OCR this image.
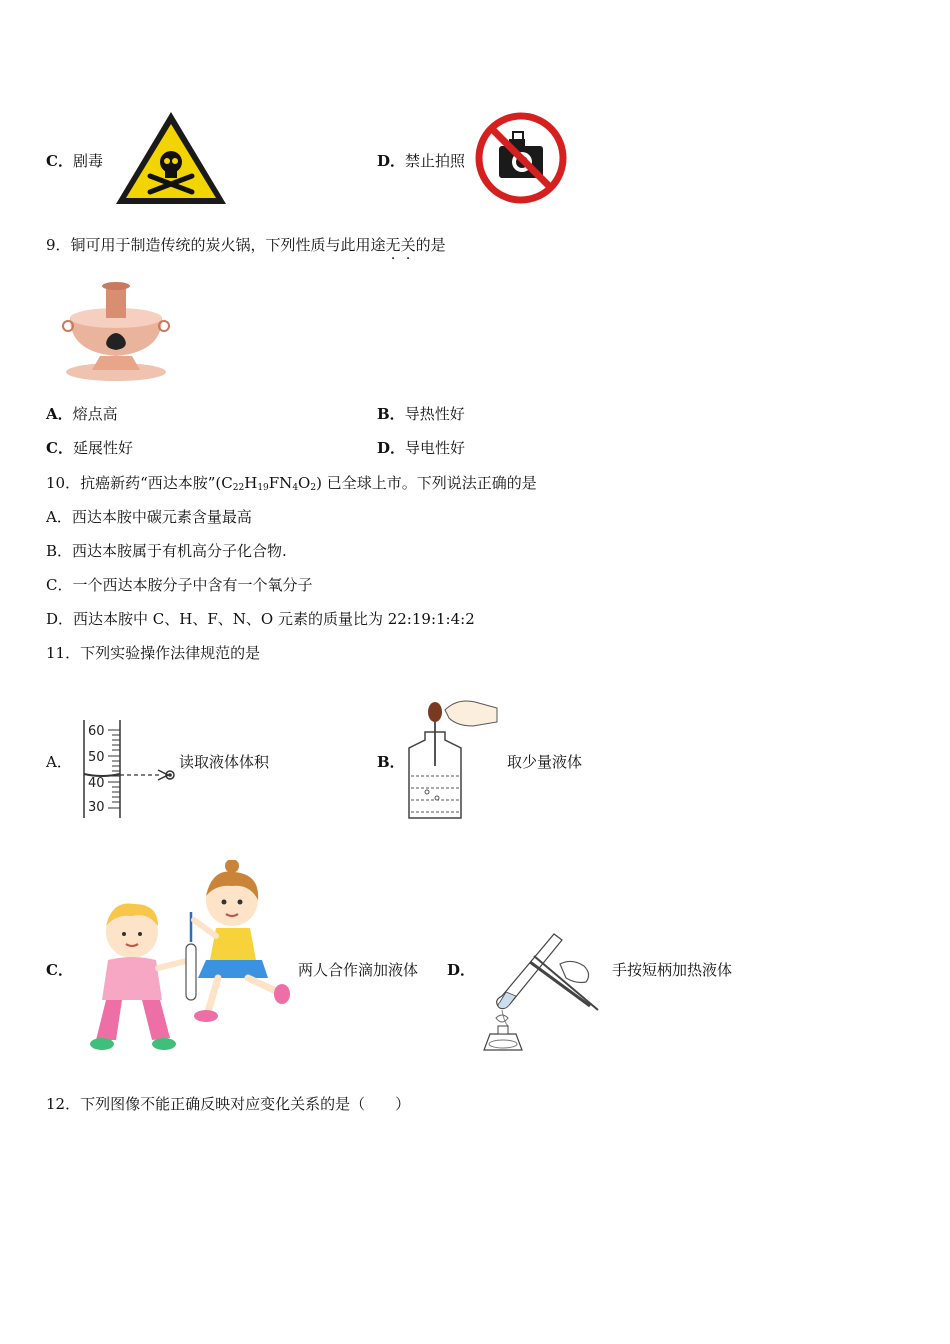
C．剧毒	D．禁止拍照
9．铜可用于制造传统的炭火锅，下列性质与此用途无关的是
A．熔点高	B．导热性好
C．延展性好	D．导电性好
10．抗癌新药“西达本胺$”(C_{22}H_{19}FN_4O_2)$ 已全球上市。下列说法正确的是
A．西达本胺中碳元素含量最高
B．西达本胺属于有机高分子化合物.
C．一个西达本胺分子中含有一个氧分子
D．西达本胺中 C、H、F、N、O 元素的质量比为 22:19:1:4:2
11．下列实验操作法律规范的是
A．
60
50
40
30
读取液体体积	B．	取少量液体
C．	两人合作滴加液体 D．	手按短柄加热液体
12．下列图像不能正确反映对应变化关系的是（　　）
